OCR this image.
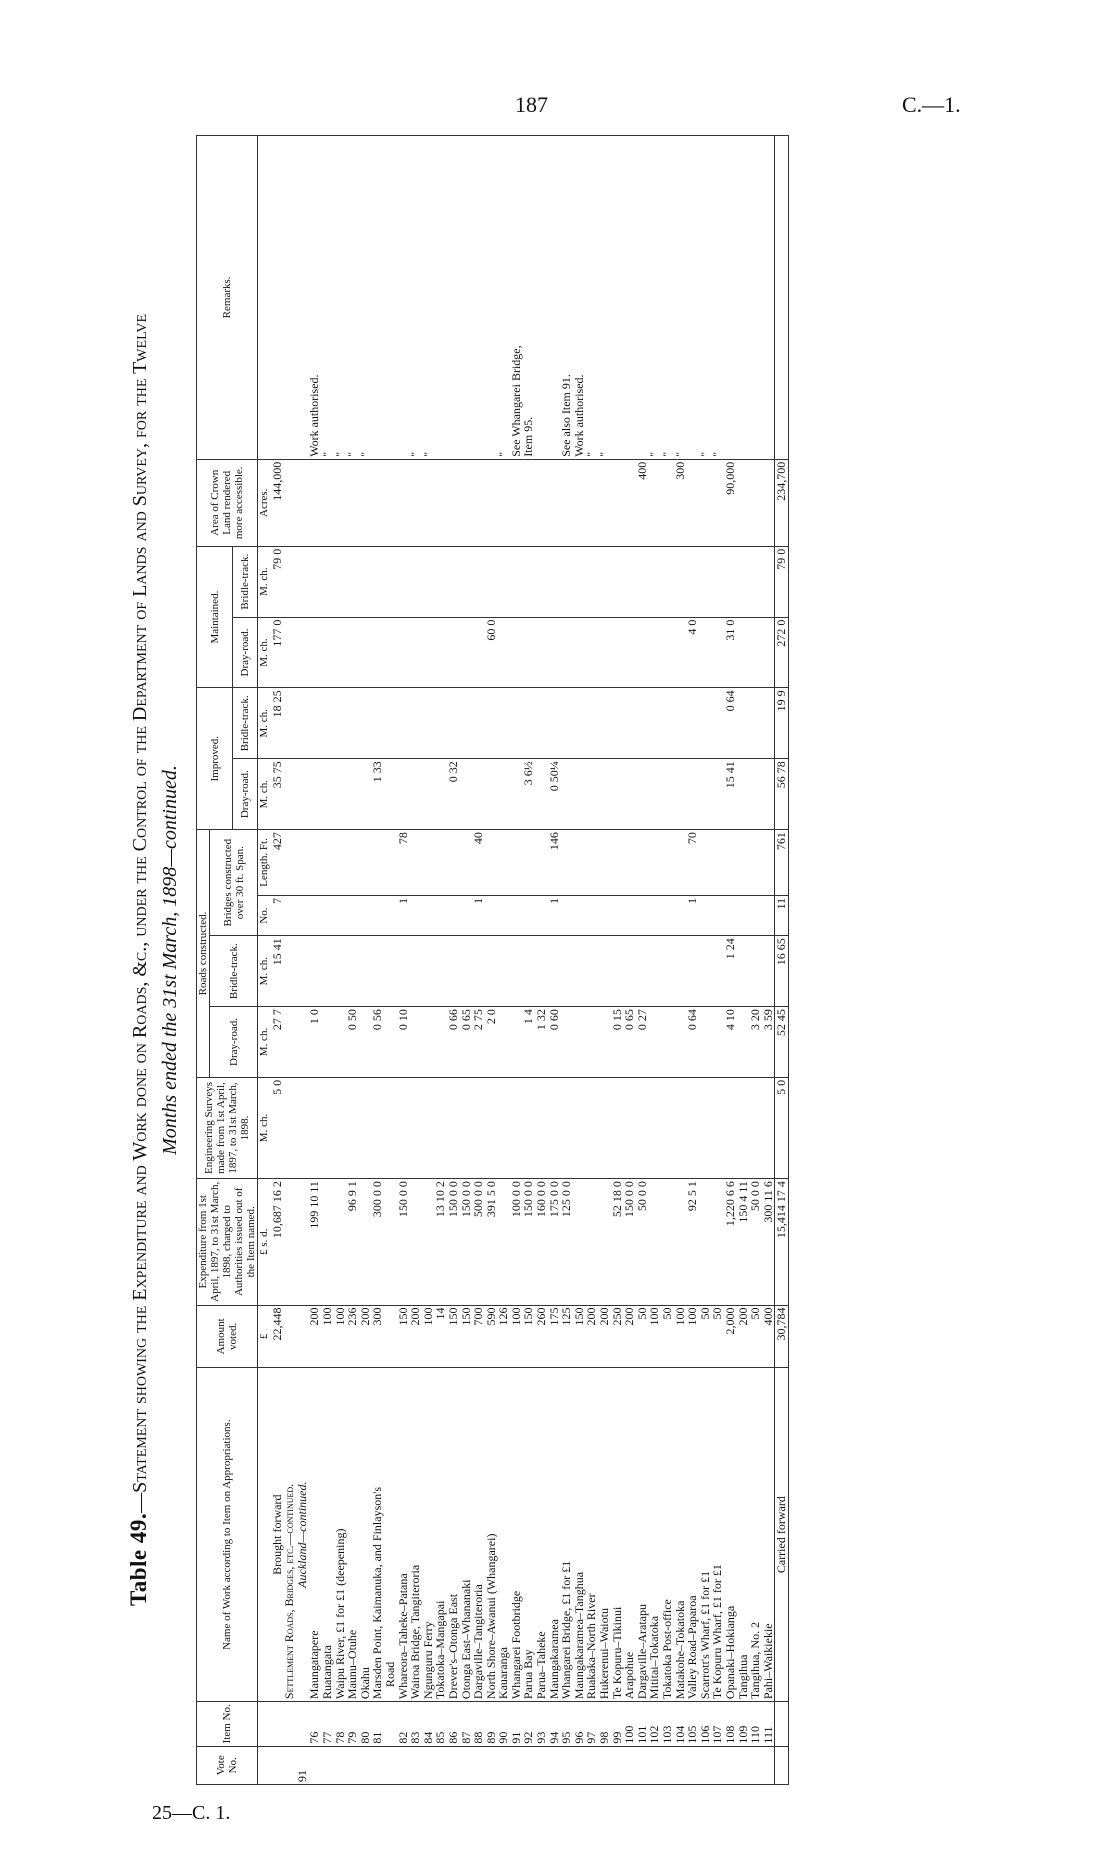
187	C.—1.
25—C. 1.
Table 49.—Statement showing the Expenditure and Work done on Roads, &c., under the Control of the Department of Lands and Survey, for the Twelve Months ended the 31st March, 1898—continued.
Vote No.	Item No.	Name of Work according to Item on Appropriations.	Amount voted.	Expenditure from 1st April, 1897, to 31st March, 1898, charged to Authorities issued out of the Item named.	Engineering Surveys made from 1st April, 1897, to 31st March, 1898.	Roads constructed.				Improved.		Maintained.		Area of Crown Land rendered more accessible.	Remarks.
						Dray-road.	Bridle-track.	Bridges constructed over 30 ft. Span.							
										Dray-road.	Bridle-track.	Dray-road.	Bridle-track.		
			£	£ s. d.	M. ch.	M. ch.	M. ch.	No.	Length. Ft.	M. ch.	M. ch.	M. ch.	M. ch.	Acres.	
		Brought forward	22,448	10,687 16 2	5 0	27 7	15 41	7	427	35 75	18 25	177 0	79 0	144,000	
		Settlement Roads, Bridges, etc.—continued.													
91		Auckland—continued.													
	76	Maungatapere	200	199 10 11		1 0									Work authorised.
	77	Ruatangata	100												"
	78	Waipu River, £1 for £1 (deepening)	100												"
	79	Maunu–Otuhe	236	96 9 1		0 50									"
	80	Okahu	200												"
	81	Marsden Point, Kaimanuka, and Finlayson's	300	300 0 0		0 56				1 33					
		Road													
	82	Whareora–Taheke–Patana	150	150 0 0		0 10		1	78						
	83	Wairoa Bridge, Tangiteroria	200												"
	84	Ngunguru Ferry	100												"
	85	Tokatoka–Mangapai	14	13 10 2											
	86	Drever's–Otonga East	150	150 0 0		0 66				0 32					
	87	Otonga East–Whananaki	150	150 0 0		0 65									
	88	Dargaville–Tangiteroria	700	500 0 0		2 75		1	40						
	89	North Shore–Awanui (Whangarei)	590	391 5 0		2 0						60 0			
	90	Kauaranga	126												"
	91	Whangarei Footbridge	100	100 0 0											See Whangarei Bridge,
	92	Parua Bay	150	150 0 0		1 4				3 6½					Item 95.
	93	Parua–Taheke	260	160 0 0		1 32									
	94	Maungakaramea	175	175 0 0		0 60		1	146	0 50¼					
	95	Whangarei Bridge, £1 for £1	125	125 0 0											See also Item 91.
	96	Maungakaramea–Tanghua	150												Work authorised.
	97	Ruakaka–North River	200												"
	98	Hukerenui–Waiotu	200												"
	99	Te Kopuru–Tikinui	250	52 18 0		0 15									
	100	Arapohue	200	150 0 0		0 65									
	101	Dargaville–Aratapu	50	50 0 0		0 27								400	
	102	Mititai–Tokatoka	100												"
	103	Tokatoka Post-office	50												"
	104	Matakohe–Tokatoka	100											300	"
	105	Valley Road–Paparoa	100	92 5 1		0 64		1	70			4 0			
	106	Scarrott's Wharf, £1 for £1	50												"
	107	Te Kopuru Wharf, £1 for £1	50												"
	108	Opanaki–Hokianga	2,000	1,220 6 6		4 10	1 24			15 41	0 64	31 0		90,000	
	109	Tangihua	200	150 4 11											
	110	Tangihua, No. 2	50	50 0 0		3 20									
	111	Pahi–Waikiekie	400	300 11 6		3 59									
		Carried forward	30,784	15,414 17 4	5 0	52 45	16 65	11	761	56 78	19 9	272 0	79 0	234,700	
